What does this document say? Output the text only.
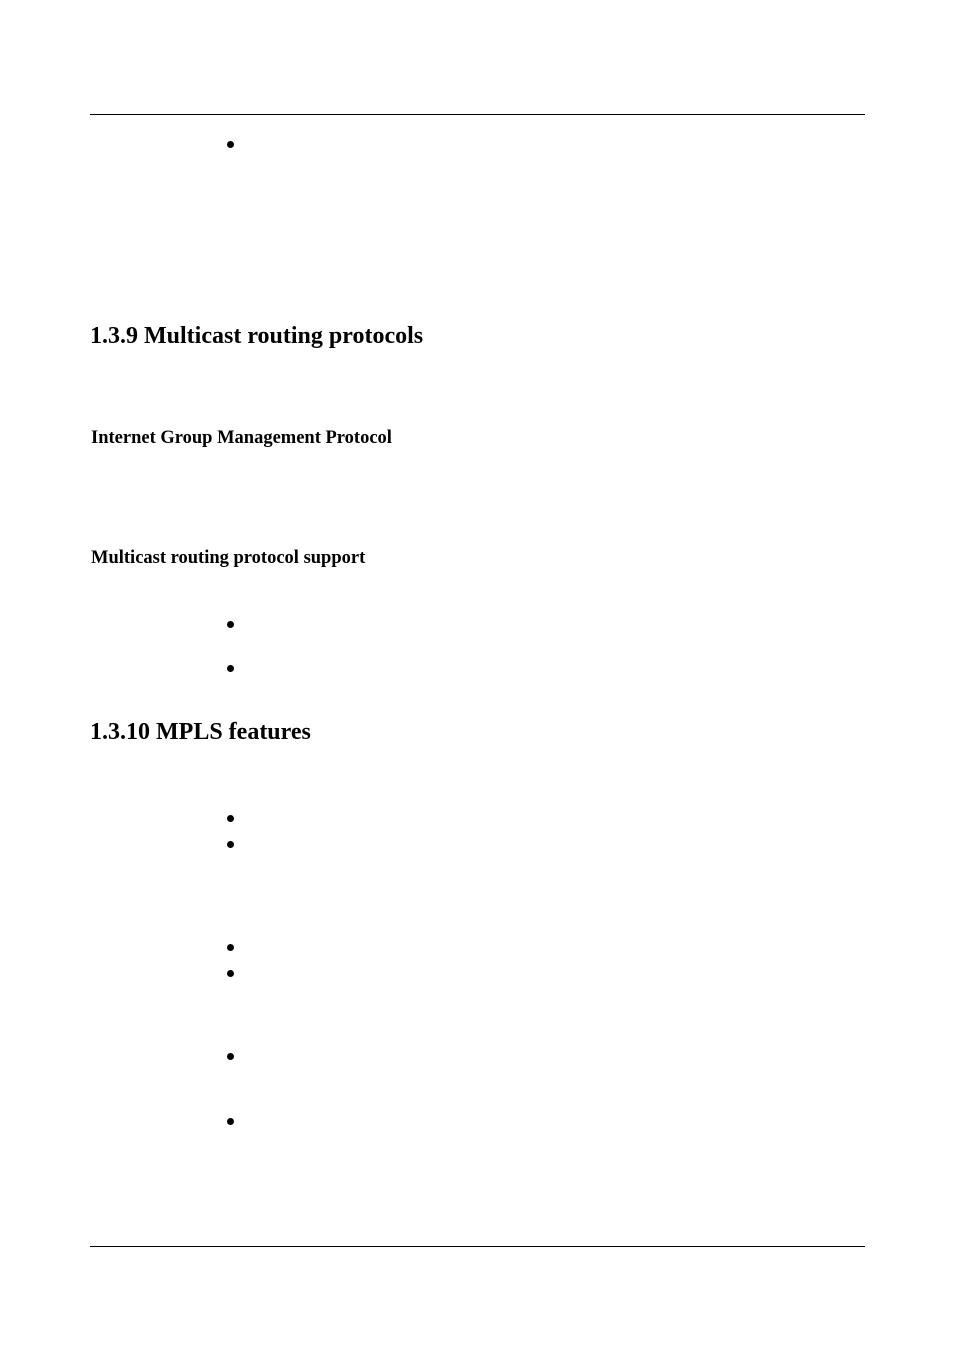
1.3.9 Multicast routing protocols
Internet Group Management Protocol
Multicast routing protocol support
1.3.10 MPLS features
